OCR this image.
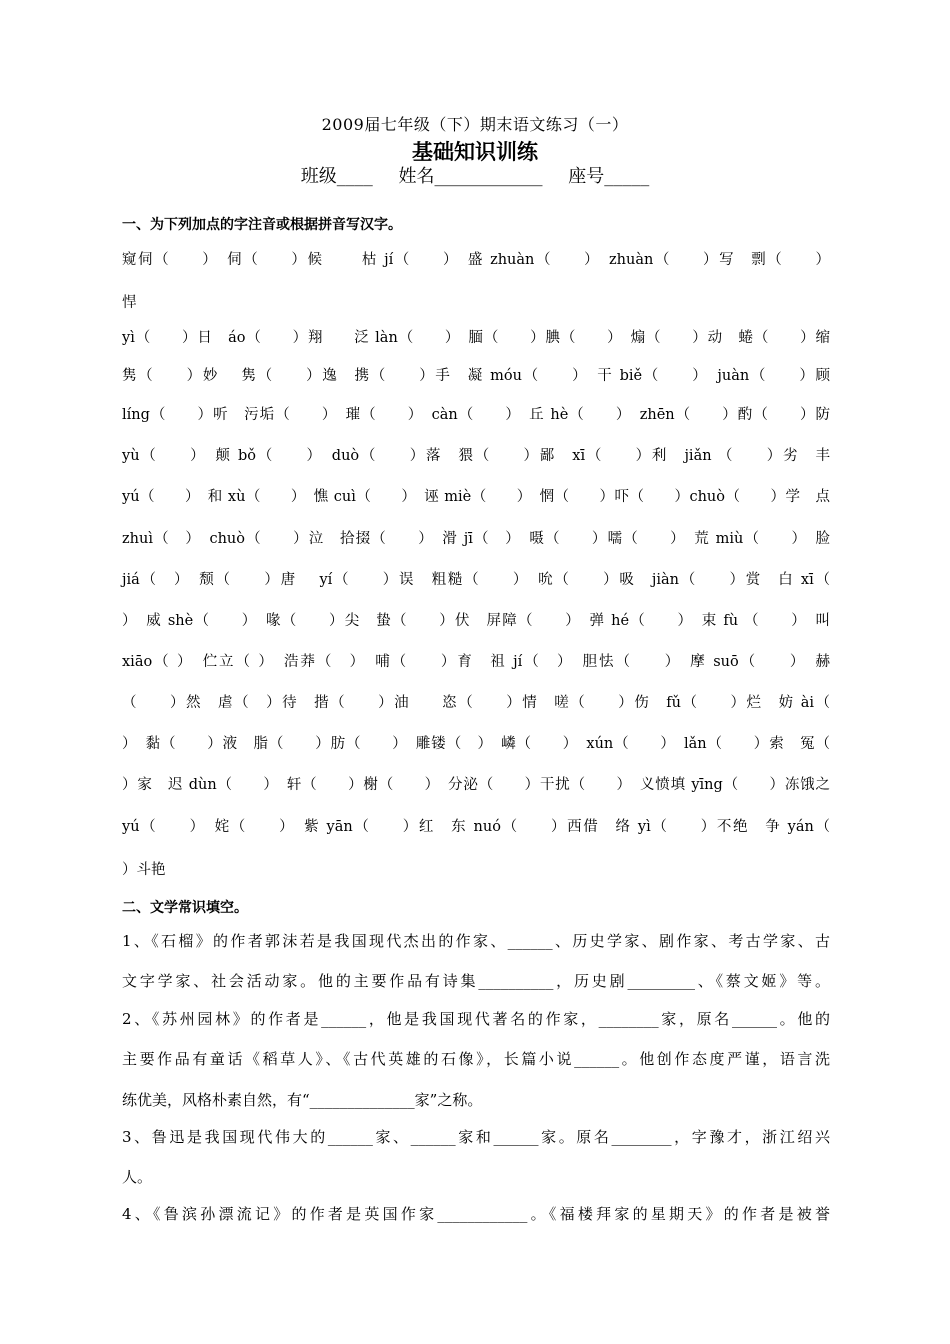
2009届七年级（下）期末语文练习（一）
基础知识训练
班级____ 姓名____________ 座号_____
一、为下列加点的字注音或根据拼音写汉字。
窥伺（　　）　伺（　　）候　　 枯 jí（　　）　盛 zhuàn（　　）　zhuàn（　　）写　剽（　　）
悍
yì（　　）日　áo（　　）翔　　泛 làn（　　）　腼（　　）腆（　　）　煽（　　）动　蜷（　　）缩
隽（　　）妙　 隽（　　）逸　携（　　）手　凝 móu（　　）　干 biě（　　）　juàn（　　）顾
líng（　　）听　污垢（　　）　璀（　　）　càn（　　）　丘 hè（　　）　zhēn（　　）酌（　　）防
yù（　　）　颠 bǒ（　　）　duò（　　）落　猥（　　）鄙　xī（　　）利　jiǎn （　　）劣　丰
yú（　　）　和 xù（　　）　憔 cuì（　　）　诬 miè（　　）　惘（　　）吓（　　）chuò（　　）学　点
zhuì（　）　chuò（　　）泣　拾掇（　　）　滑 jī（　）　嗫（　　）嚅（　　）　荒 miù（　　）　脸
jiá（　）　颓（　　）唐　 yí（　　）误　粗糙（　　）　吮（　　）吸　jiàn（　　）赏　白 xī（
）　威 shè（　　）　喙（　　）尖　蛰（　　）伏　屏障（　　）　弹 hé（　　）　束 fù （　　）　叫
xiāo（ ）　伫立（ ）　浩莽（　）　哺（　　）育　祖 jí（　）　胆怯（　　）　摩 suō（　　）　赫
（　　）然　虐（　）待　揩（　　）油　　恣（　　）情　嗟（　　）伤　fǔ（　　）烂　妨 ài（
）　黏（　　）液　脂（　　）肪（　　）　雕镂（　）　嶙（　　）　xún（　　）　lǎn（　　）索　冤（
）家　迟 dùn（　　）　轩（　　）榭（　　）　分泌（　　）干扰（　　）　义愤填 yīng（　　）冻饿之
yú（　　）　姹（　　）　紫 yān（　　）红　东 nuó（　　）西借　络 yì（　　）不绝　争 yán（
）斗艳
二、文学常识填空。
1、《石榴》的作者郭沫若是我国现代杰出的作家、______、历史学家、剧作家、考古学家、古
文字学家、社会活动家。他的主要作品有诗集__________，历史剧_________、《蔡文姬》等。
2、《苏州园林》的作者是______，他是我国现代著名的作家，________家，原名______。他的
主要作品有童话《稻草人》、《古代英雄的石像》，长篇小说______。他创作态度严谨，语言洗
练优美，风格朴素自然，有“______________家”之称。
3、鲁迅是我国现代伟大的______家、______家和______家。原名________，字豫才，浙江绍兴
人。
4、《鲁滨孙漂流记》的作者是英国作家____________。《福楼拜家的星期天》的作者是被誉
